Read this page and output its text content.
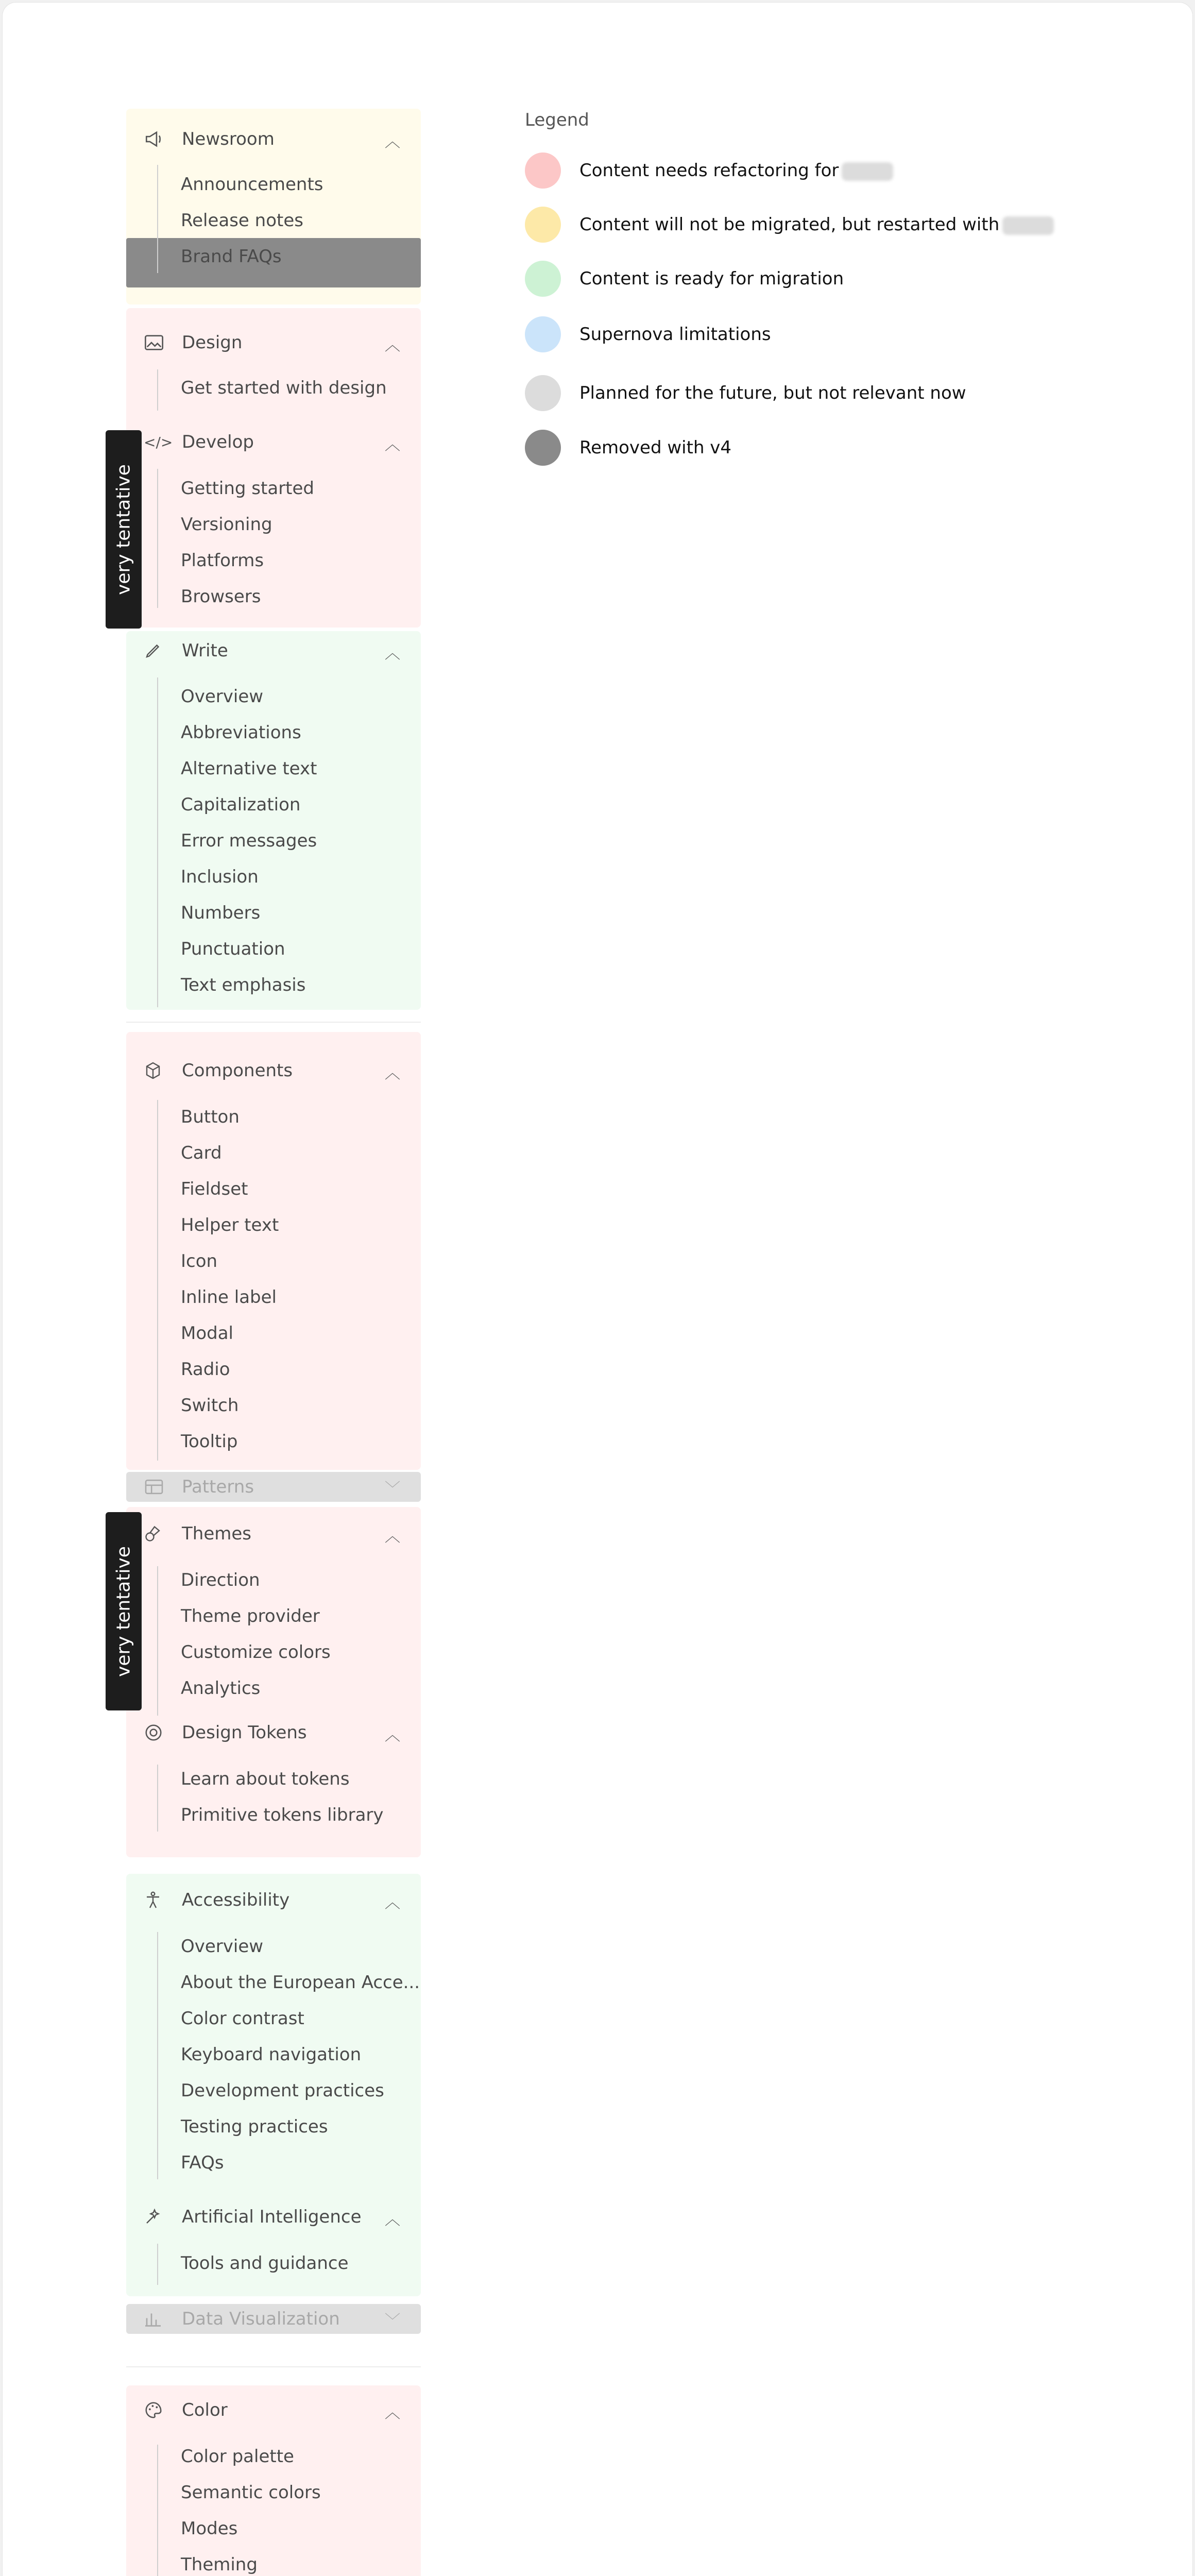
Newsroom	︿
Announcements
Release notes
Brand FAQs
Design	︿
Get started with design
</> Develop	︿
Getting started
Versioning
Platforms
Browsers
Write	︿
Overview
Abbreviations
Alternative text
Capitalization
Error messages
Inclusion
Numbers
Punctuation
Text emphasis
Components	︿
Button
Card
Fieldset
Helper text
Icon
Inline label
Modal
Radio
Switch
Tooltip
Patterns	﹀
Themes	︿
Direction
Theme provider
Customize colors
Analytics
Design Tokens	︿
Learn about tokens
Primitive tokens library
Accessibility	︿
Overview
About the European Acce...
Color contrast
Keyboard navigation
Development practices
Testing practices
FAQs
Artificial Intelligence ︿
Tools and guidance
Data Visualization	﹀
Color	︿
Color palette
Semantic colors
Modes
Theming
very tentative
very tentative
Legend
Content needs refactoring for
Content will not be migrated, but restarted with
Content is ready for migration
Supernova limitations
Planned for the future, but not relevant now
Removed with v4
